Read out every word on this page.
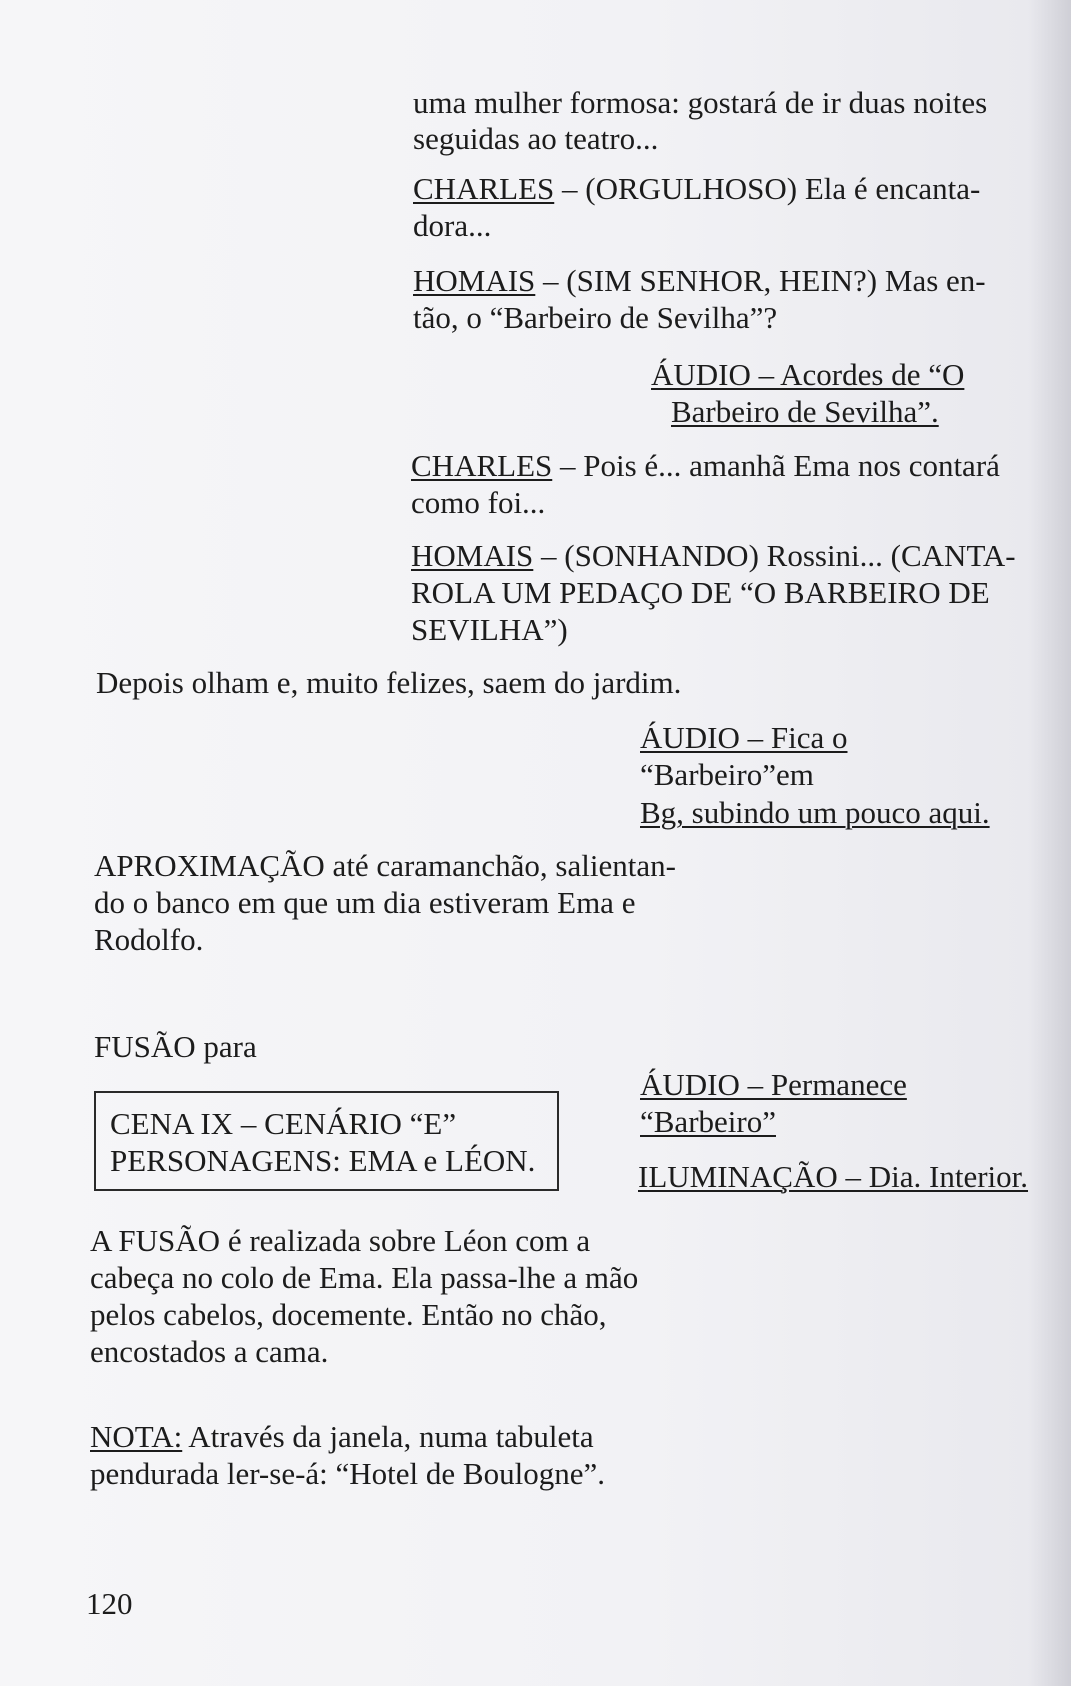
uma mulher formosa: gostará de ir duas noites
seguidas ao teatro...
CHARLES – (ORGULHOSO) Ela é encanta-
dora...
HOMAIS – (SIM SENHOR, HEIN?) Mas en-
tão, o “Barbeiro de Sevilha”?
ÁUDIO – Acordes de “O
Barbeiro de Sevilha”.
CHARLES – Pois é... amanhã Ema nos contará
como foi...
HOMAIS – (SONHANDO) Rossini... (CANTA-
ROLA UM PEDAÇO DE “O BARBEIRO DE
SEVILHA”)
Depois olham e, muito felizes, saem do jardim.
ÁUDIO – Fica o
“Barbeiro”em
Bg, subindo um pouco aqui.
APROXIMAÇÃO até caramanchão, salientan-
do o banco em que um dia estiveram Ema e
Rodolfo.
FUSÃO para
ÁUDIO – Permanece
“Barbeiro”
CENA IX – CENÁRIO “E”
PERSONAGENS: EMA e LÉON.	ILUMINAÇÃO – Dia. Interior.
A FUSÃO é realizada sobre Léon com a
cabeça no colo de Ema. Ela passa-lhe a mão
pelos cabelos, docemente. Então no chão,
encostados a cama.
NOTA: Através da janela, numa tabuleta
pendurada ler-se-á: “Hotel de Boulogne”.
120
